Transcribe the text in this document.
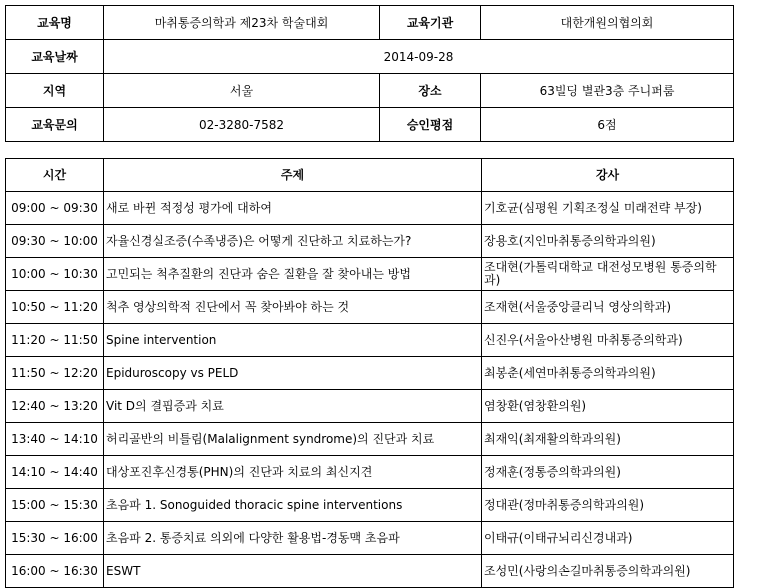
교육명	마취통증의학과 제23차 학술대회	교육기관	대한개원의협의회
교육날짜	2014-09-28		
지역	서울	장소	63빌딩 별관3층 주니퍼룸
교육문의	02-3280-7582	승인평점	6점
시간	주제	강사
09:00 ~ 09:30	새로 바뀐 적정성 평가에 대하여	기호균(심평원 기획조정실 미래전략 부장)
09:30 ~ 10:00	자율신경실조증(수족냉증)은 어떻게 진단하고 치료하는가?	장용호(지인마취통증의학과의원)
10:00 ~ 10:30	고민되는 척추질환의 진단과 숨은 질환을 잘 찾아내는 방법	조대현(가톨릭대학교 대전성모병원 통증의학과)
10:50 ~ 11:20	척추 영상의학적 진단에서 꼭 찾아봐야 하는 것	조재현(서울중앙클리닉 영상의학과)
11:20 ~ 11:50	Spine intervention	신진우(서울아산병원 마취통증의학과)
11:50 ~ 12:20	Epiduroscopy vs PELD	최봉춘(세연마취통증의학과의원)
12:40 ~ 13:20	Vit D의 결핍증과 치료	염창환(염창환의원)
13:40 ~ 14:10	허리골반의 비틀림(Malalignment syndrome)의 진단과 치료	최재익(최재활의학과의원)
14:10 ~ 14:40	대상포진후신경통(PHN)의 진단과 치료의 최신지견	정재훈(정통증의학과의원)
15:00 ~ 15:30	초음파 1. Sonoguided thoracic spine interventions	정대관(정마취통증의학과의원)
15:30 ~ 16:00	초음파 2. 통증치료 의외에 다양한 활용법-경동맥 초음파	이태규(이태규뇌리신경내과)
16:00 ~ 16:30	ESWT	조성민(사랑의손길마취통증의학과의원)
